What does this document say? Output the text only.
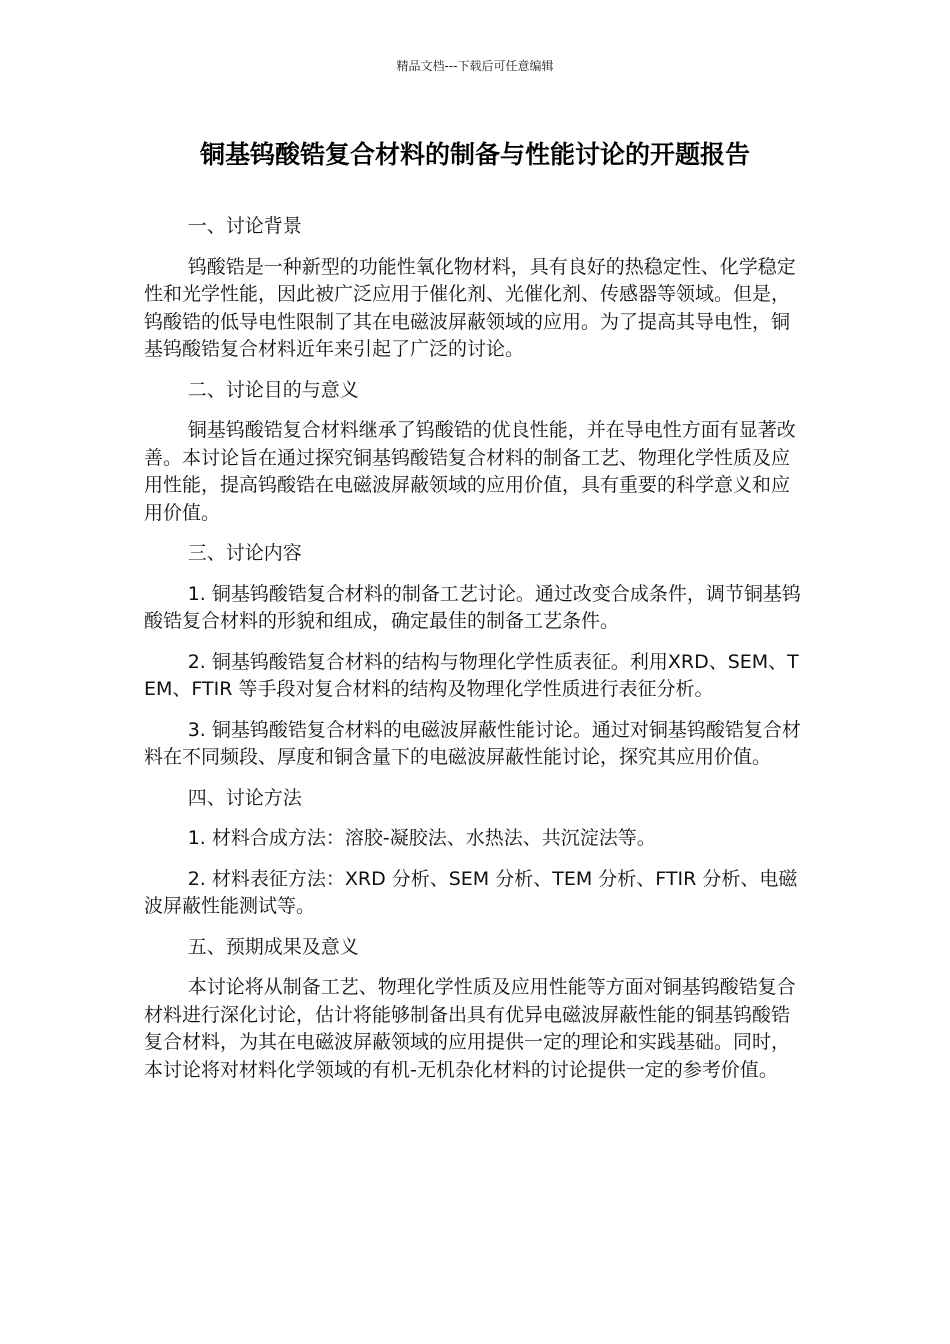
精品文档---下载后可任意编辑
铜基钨酸锆复合材料的制备与性能讨论的开题报告

一、讨论背景

钨酸锆是一种新型的功能性氧化物材料，具有良好的热稳定性、化学稳定性和光学性能，因此被广泛应用于催化剂、光催化剂、传感器等领域。但是，钨酸锆的低导电性限制了其在电磁波屏蔽领域的应用。为了提高其导电性，铜基钨酸锆复合材料近年来引起了广泛的讨论。

二、讨论目的与意义

铜基钨酸锆复合材料继承了钨酸锆的优良性能，并在导电性方面有显著改善。本讨论旨在通过探究铜基钨酸锆复合材料的制备工艺、物理化学性质及应用性能，提高钨酸锆在电磁波屏蔽领域的应用价值，具有重要的科学意义和应用价值。

三、讨论内容

1. 铜基钨酸锆复合材料的制备工艺讨论。通过改变合成条件，调节铜基钨酸锆复合材料的形貌和组成，确定最佳的制备工艺条件。

2. 铜基钨酸锆复合材料的结构与物理化学性质表征。利用XRD、SEM、TEM、FTIR 等手段对复合材料的结构及物理化学性质进行表征分析。

3. 铜基钨酸锆复合材料的电磁波屏蔽性能讨论。通过对铜基钨酸锆复合材料在不同频段、厚度和铜含量下的电磁波屏蔽性能讨论，探究其应用价值。

四、讨论方法

1. 材料合成方法：溶胶-凝胶法、水热法、共沉淀法等。

2. 材料表征方法：XRD 分析、SEM 分析、TEM 分析、FTIR 分析、电磁波屏蔽性能测试等。

五、预期成果及意义

本讨论将从制备工艺、物理化学性质及应用性能等方面对铜基钨酸锆复合材料进行深化讨论，估计将能够制备出具有优异电磁波屏蔽性能的铜基钨酸锆复合材料，为其在电磁波屏蔽领域的应用提供一定的理论和实践基础。同时，本讨论将对材料化学领域的有机-无机杂化材料的讨论提供一定的参考价值。
